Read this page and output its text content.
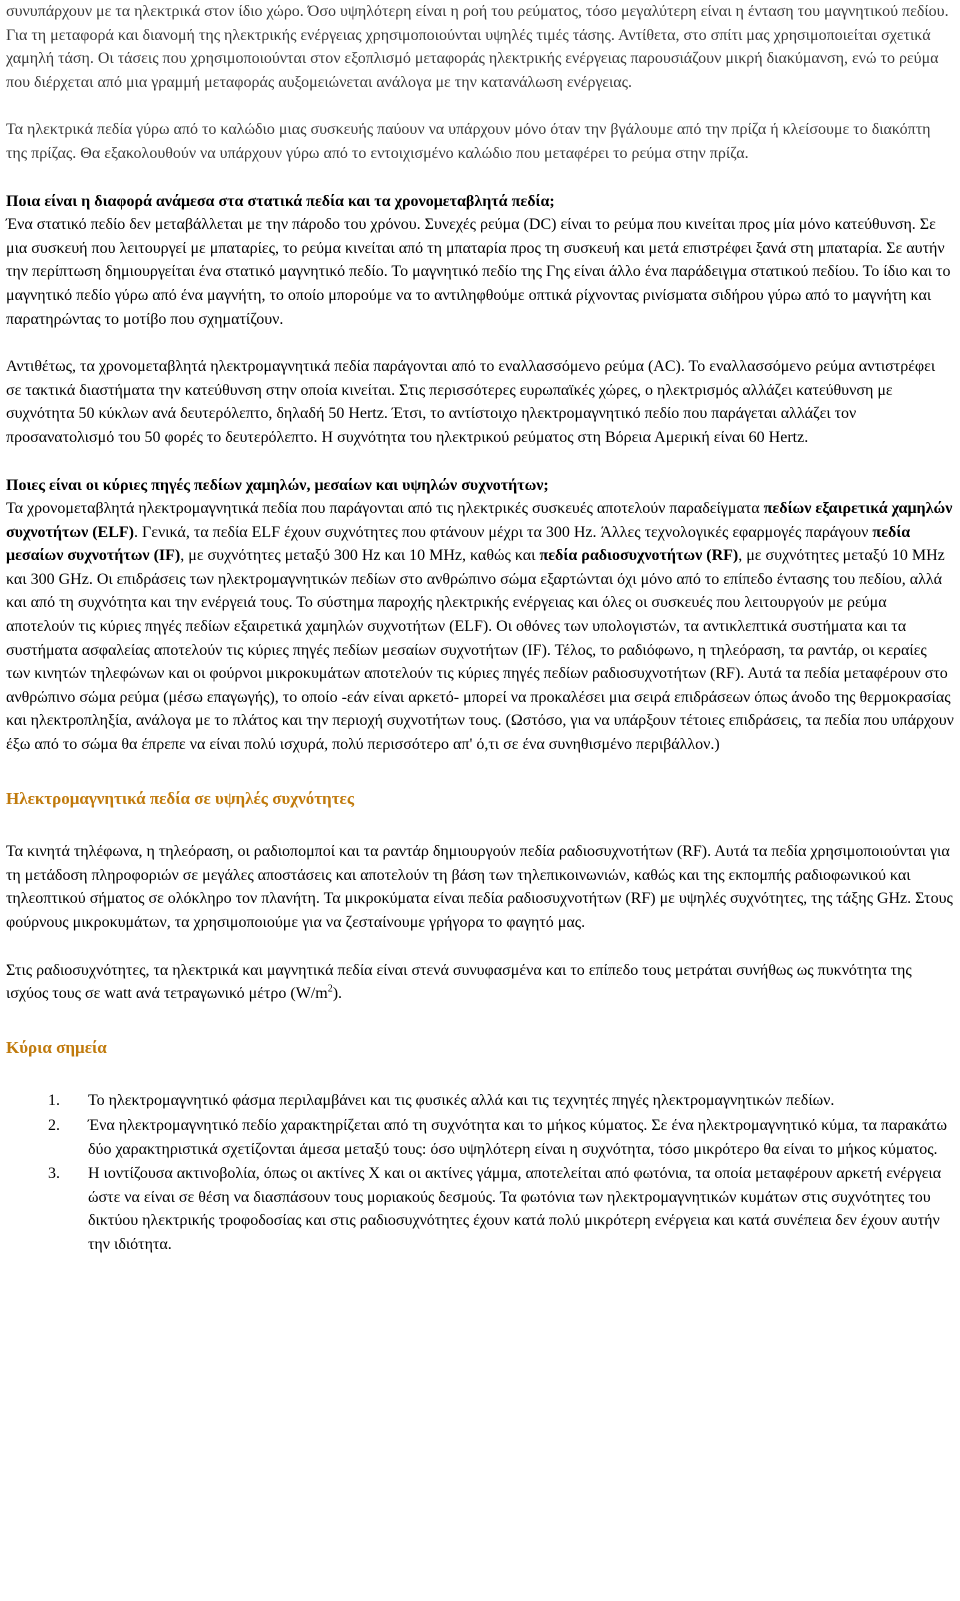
συνυπάρχουν με τα ηλεκτρικά στον ίδιο χώρο. Όσο υψηλότερη είναι η ροή του ρεύματος, τόσο μεγαλύτερη είναι η ένταση του μαγνητικού πεδίου. Για τη μεταφορά και διανομή της ηλεκτρικής ενέργειας χρησιμοποιούνται υψηλές τιμές τάσης. Αντίθετα, στο σπίτι μας χρησιμοποιείται σχετικά χαμηλή τάση. Οι τάσεις που χρησιμοποιούνται στον εξοπλισμό μεταφοράς ηλεκτρικής ενέργειας παρουσιάζουν μικρή διακύμανση, ενώ το ρεύμα που διέρχεται από μια γραμμή μεταφοράς αυξομειώνεται ανάλογα με την κατανάλωση ενέργειας.

Τα ηλεκτρικά πεδία γύρω από το καλώδιο μιας συσκευής παύουν να υπάρχουν μόνο όταν την βγάλουμε από την πρίζα ή κλείσουμε το διακόπτη της πρίζας. Θα εξακολουθούν να υπάρχουν γύρω από το εντοιχισμένο καλώδιο που μεταφέρει το ρεύμα στην πρίζα.

Ποια είναι η διαφορά ανάμεσα στα στατικά πεδία και τα χρονομεταβλητά πεδία;

Ένα στατικό πεδίο δεν μεταβάλλεται με την πάροδο του χρόνου. Συνεχές ρεύμα (DC) είναι το ρεύμα που κινείται προς μία μόνο κατεύθυνση. Σε μια συσκευή που λειτουργεί με μπαταρίες, το ρεύμα κινείται από τη μπαταρία προς τη συσκευή και μετά επιστρέφει ξανά στη μπαταρία. Σε αυτήν την περίπτωση δημιουργείται ένα στατικό μαγνητικό πεδίο. Το μαγνητικό πεδίο της Γης είναι άλλο ένα παράδειγμα στατικού πεδίου. Το ίδιο και το μαγνητικό πεδίο γύρω από ένα μαγνήτη, το οποίο μπορούμε να το αντιληφθούμε οπτικά ρίχνοντας ρινίσματα σιδήρου γύρω από το μαγνήτη και παρατηρώντας το μοτίβο που σχηματίζουν.

Αντιθέτως, τα χρονομεταβλητά ηλεκτρομαγνητικά πεδία παράγονται από το εναλλασσόμενο ρεύμα (AC). Το εναλλασσόμενο ρεύμα αντιστρέφει σε τακτικά διαστήματα την κατεύθυνση στην οποία κινείται. Στις περισσότερες ευρωπαϊκές χώρες, ο ηλεκτρισμός αλλάζει κατεύθυνση με συχνότητα 50 κύκλων ανά δευτερόλεπτο, δηλαδή 50 Hertz. Έτσι, το αντίστοιχο ηλεκτρομαγνητικό πεδίο που παράγεται αλλάζει τον προσανατολισμό του 50 φορές το δευτερόλεπτο. Η συχνότητα του ηλεκτρικού ρεύματος στη Βόρεια Αμερική είναι 60 Hertz.

Ποιες είναι οι κύριες πηγές πεδίων χαμηλών, μεσαίων και υψηλών συχνοτήτων;

Τα χρονομεταβλητά ηλεκτρομαγνητικά πεδία που παράγονται από τις ηλεκτρικές συσκευές αποτελούν παραδείγματα πεδίων εξαιρετικά χαμηλών συχνοτήτων (ELF). Γενικά, τα πεδία ELF έχουν συχνότητες που φτάνουν μέχρι τα 300 Hz. Άλλες τεχνολογικές εφαρμογές παράγουν πεδία μεσαίων συχνοτήτων (IF), με συχνότητες μεταξύ 300 Hz και 10 MHz, καθώς και πεδία ραδιοσυχνοτήτων (RF), με συχνότητες μεταξύ 10 MHz και 300 GHz. Οι επιδράσεις των ηλεκτρομαγνητικών πεδίων στο ανθρώπινο σώμα εξαρτώνται όχι μόνο από το επίπεδο έντασης του πεδίου, αλλά και από τη συχνότητα και την ενέργειά τους. Το σύστημα παροχής ηλεκτρικής ενέργειας και όλες οι συσκευές που λειτουργούν με ρεύμα αποτελούν τις κύριες πηγές πεδίων εξαιρετικά χαμηλών συχνοτήτων (ELF). Οι οθόνες των υπολογιστών, τα αντικλεπτικά συστήματα και τα συστήματα ασφαλείας αποτελούν τις κύριες πηγές πεδίων μεσαίων συχνοτήτων (IF). Τέλος, το ραδιόφωνο, η τηλεόραση, τα ραντάρ, οι κεραίες των κινητών τηλεφώνων και οι φούρνοι μικροκυμάτων αποτελούν τις κύριες πηγές πεδίων ραδιοσυχνοτήτων (RF). Αυτά τα πεδία μεταφέρουν στο ανθρώπινο σώμα ρεύμα (μέσω επαγωγής), το οποίο -εάν είναι αρκετό- μπορεί να προκαλέσει μια σειρά επιδράσεων όπως άνοδο της θερμοκρασίας και ηλεκτροπληξία, ανάλογα με το πλάτος και την περιοχή συχνοτήτων τους. (Ωστόσο, για να υπάρξουν τέτοιες επιδράσεις, τα πεδία που υπάρχουν έξω από το σώμα θα έπρεπε να είναι πολύ ισχυρά, πολύ περισσότερο απ' ό,τι σε ένα συνηθισμένο περιβάλλον.)

Ηλεκτρομαγνητικά πεδία σε υψηλές συχνότητες

Τα κινητά τηλέφωνα, η τηλεόραση, οι ραδιοπομποί και τα ραντάρ δημιουργούν πεδία ραδιοσυχνοτήτων (RF). Αυτά τα πεδία χρησιμοποιούνται για τη μετάδοση πληροφοριών σε μεγάλες αποστάσεις και αποτελούν τη βάση των τηλεπικοινωνιών, καθώς και της εκπομπής ραδιοφωνικού και τηλεοπτικού σήματος σε ολόκληρο τον πλανήτη. Τα μικροκύματα είναι πεδία ραδιοσυχνοτήτων (RF) με υψηλές συχνότητες, της τάξης GHz. Στους φούρνους μικροκυμάτων, τα χρησιμοποιούμε για να ζεσταίνουμε γρήγορα το φαγητό μας.

Στις ραδιοσυχνότητες, τα ηλεκτρικά και μαγνητικά πεδία είναι στενά συνυφασμένα και το επίπεδο τους μετράται συνήθως ως πυκνότητα της ισχύος τους σε watt ανά τετραγωνικό μέτρο $(W/m^2)$.

Κύρια σημεία

1. Το ηλεκτρομαγνητικό φάσμα περιλαμβάνει και τις φυσικές αλλά και τις τεχνητές πηγές ηλεκτρομαγνητικών πεδίων.
2. Ένα ηλεκτρομαγνητικό πεδίο χαρακτηρίζεται από τη συχνότητα και το μήκος κύματος. Σε ένα ηλεκτρομαγνητικό κύμα, τα παρακάτω δύο χαρακτηριστικά σχετίζονται άμεσα μεταξύ τους: όσο υψηλότερη είναι η συχνότητα, τόσο μικρότερο θα είναι το μήκος κύματος.
3. Η ιοντίζουσα ακτινοβολία, όπως οι ακτίνες Χ και οι ακτίνες γάμμα, αποτελείται από φωτόνια, τα οποία μεταφέρουν αρκετή ενέργεια ώστε να είναι σε θέση να διασπάσουν τους μοριακούς δεσμούς. Τα φωτόνια των ηλεκτρομαγνητικών κυμάτων στις συχνότητες του δικτύου ηλεκτρικής τροφοδοσίας και στις ραδιοσυχνότητες έχουν κατά πολύ μικρότερη ενέργεια και κατά συνέπεια δεν έχουν αυτήν την ιδιότητα.
